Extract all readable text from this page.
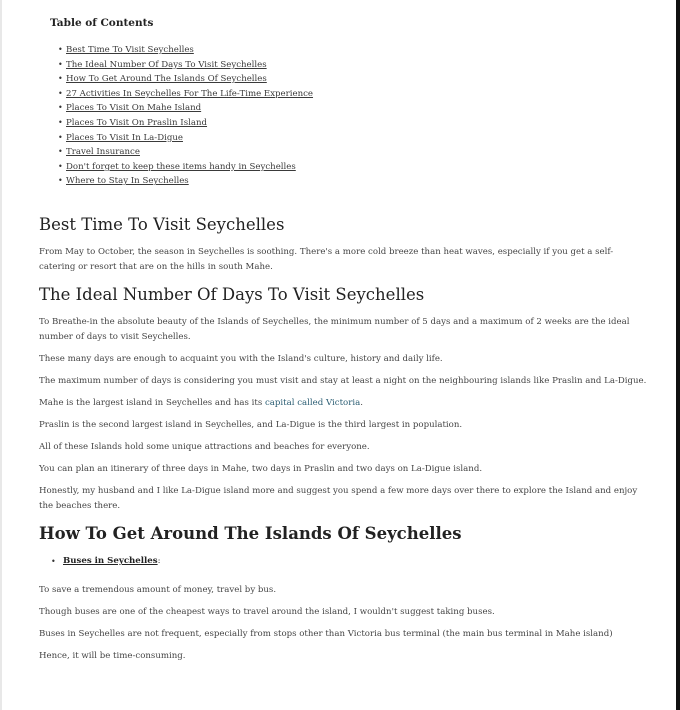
Table of Contents
• Best Time To Visit Seychelles
• The Ideal Number Of Days To Visit Seychelles
• How To Get Around The Islands Of Seychelles
• 27 Activities In Seychelles For The Life-Time Experience
• Places To Visit On Mahe Island
• Places To Visit On Praslin Island
• Places To Visit In La-Digue
• Travel Insurance
• Don't forget to keep these items handy in Seychelles
• Where to Stay In Seychelles
Best Time To Visit Seychelles

From May to October, the season in Seychelles is soothing. There's a more cold breeze than heat waves, especially if you get a self-catering or resort that are on the hills in south Mahe.

The Ideal Number Of Days To Visit Seychelles

To Breathe-in the absolute beauty of the Islands of Seychelles, the minimum number of 5 days and a maximum of 2 weeks are the ideal number of days to visit Seychelles.

These many days are enough to acquaint you with the Island's culture, history and daily life.

The maximum number of days is considering you must visit and stay at least a night on the neighbouring islands like Praslin and La-Digue.

Mahe is the largest island in Seychelles and has its capital called Victoria.

Praslin is the second largest island in Seychelles, and La-Digue is the third largest in population.

All of these Islands hold some unique attractions and beaches for everyone.

You can plan an itinerary of three days in Mahe, two days in Praslin and two days on La-Digue island.

Honestly, my husband and I like La-Digue island more and suggest you spend a few more days over there to explore the Island and enjoy the beaches there.

How To Get Around The Islands Of Seychelles
• Buses in Seychelles:

To save a tremendous amount of money, travel by bus.

Though buses are one of the cheapest ways to travel around the island, I wouldn't suggest taking buses.

Buses in Seychelles are not frequent, especially from stops other than Victoria bus terminal (the main bus terminal in Mahe island)

Hence, it will be time-consuming.
